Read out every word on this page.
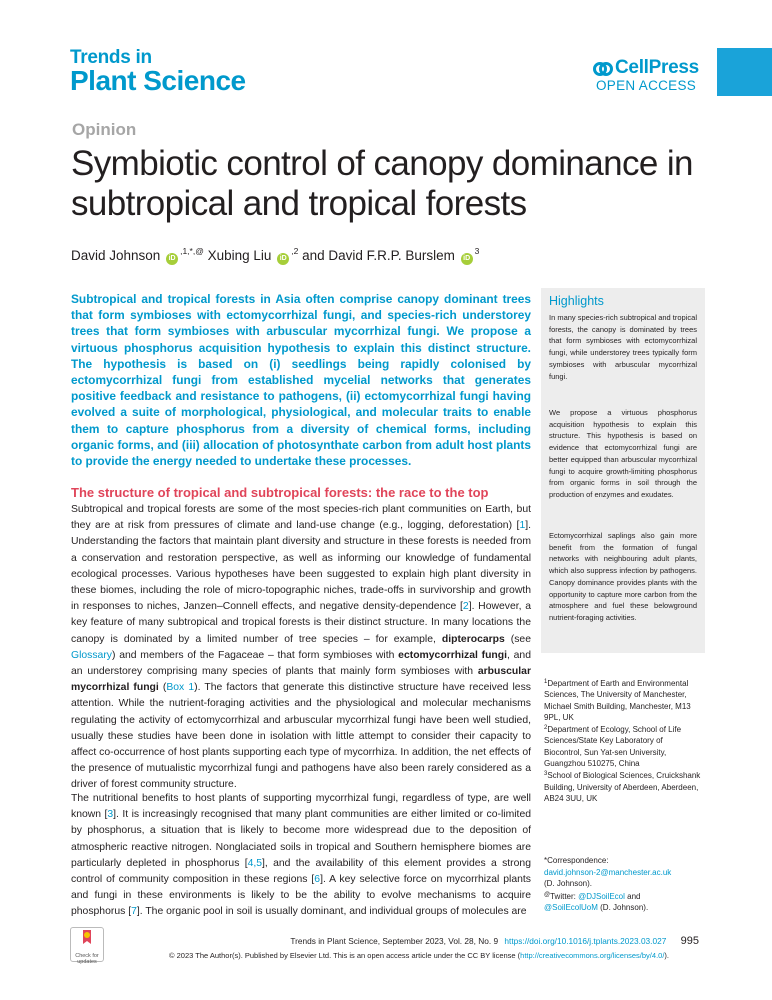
Trends in
Plant Science	CellPress
OPEN ACCESS
Opinion
Symbiotic control of canopy dominance in subtropical and tropical forests
David Johnson $iD^{,1,*,@}$ Xubing Liu $iD^{,2}$ and David F.R.P. Burslem $iD^3$

Subtropical and tropical forests in Asia often comprise canopy dominant trees that form symbioses with ectomycorrhizal fungi, and species-rich understorey trees that form symbioses with arbuscular mycorrhizal fungi. We propose a virtuous phosphorus acquisition hypothesis to explain this distinct structure. The hypothesis is based on (i) seedlings being rapidly colonised by ectomycorrhizal fungi from established mycelial networks that generates positive feedback and resistance to pathogens, (ii) ectomycorrhizal fungi having evolved a suite of morphological, physiological, and molecular traits to enable them to capture phosphorus from a diversity of chemical forms, including organic forms, and (iii) allocation of photosynthate carbon from adult host plants to provide the energy needed to undertake these processes.

Highlights

In many species-rich subtropical and tropical forests, the canopy is dominated by trees that form symbioses with ectomycorrhizal fungi, while understorey trees typically form symbioses with arbuscular mycorrhizal fungi.

We propose a virtuous phosphorus acquisition hypothesis to explain this structure. This hypothesis is based on evidence that ectomycorrhizal fungi are better equipped than arbuscular mycorrhizal fungi to acquire growth-limiting phosphorus from organic forms in soil through the production of enzymes and exudates.

Ectomycorrhizal saplings also gain more benefit from the formation of fungal networks with neighbouring adult plants, which also suppress infection by pathogens. Canopy dominance provides plants with the opportunity to capture more carbon from the atmosphere and fuel these belowground nutrient-foraging activities.

The structure of tropical and subtropical forests: the race to the top

Subtropical and tropical forests are some of the most species-rich plant communities on Earth, but they are at risk from pressures of climate and land-use change (e.g., logging, deforestation) [1]. Understanding the factors that maintain plant diversity and structure in these forests is needed from a conservation and restoration perspective, as well as informing our knowledge of fundamental ecological processes. Various hypotheses have been suggested to explain high plant diversity in these biomes, including the role of micro-topographic niches, trade-offs in survivorship and growth in responses to niches, Janzen–Connell effects, and negative density-dependence [2]. However, a key feature of many subtropical and tropical forests is their distinct structure. In many locations the canopy is dominated by a limited number of tree species – for example, dipterocarps (see Glossary) and members of the Fagaceae – that form symbioses with ectomycorrhizal fungi, and an understorey comprising many species of plants that mainly form symbioses with arbuscular mycorrhizal fungi (Box 1). The factors that generate this distinctive structure have received less attention. While the nutrient-foraging activities and the physiological and molecular mechanisms regulating the activity of ectomycorrhizal and arbuscular mycorrhizal fungi have been well studied, usually these studies have been done in isolation with little attempt to consider their capacity to affect co-occurrence of host plants supporting each type of mycorrhiza. In addition, the net effects of the presence of mutualistic mycorrhizal fungi and pathogens have also been rarely considered as a driver of forest community structure.

The nutritional benefits to host plants of supporting mycorrhizal fungi, regardless of type, are well known [3]. It is increasingly recognised that many plant communities are either limited or co-limited by phosphorus, a situation that is likely to become more widespread due to the deposition of atmospheric reactive nitrogen. Nonglaciated soils in tropical and Southern hemisphere biomes are particularly depleted in phosphorus [4,5], and the availability of this element provides a strong control of community composition in these regions [6]. A key selective force on mycorrhizal plants and fungi in these environments is likely to be the ability to evolve mechanisms to acquire phosphorus [7]. The organic pool in soil is usually dominant, and individual groups of molecules are

$^1$Department of Earth and Environmental Sciences, The University of Manchester, Michael Smith Building, Manchester, M13 9PL, UK
$^2$Department of Ecology, School of Life Sciences/State Key Laboratory of Biocontrol, Sun Yat-sen University, Guangzhou 510275, China
$^3$School of Biological Sciences, Cruickshank Building, University of Aberdeen, Aberdeen, AB24 3UU, UK
*Correspondence:
david.johnson-2@manchester.ac.uk
(D. Johnson).
@Twitter: @DJSoilEcol and
@SoilEcolUoM (D. Johnson).
Check for
updates
Trends in Plant Science, September 2023, Vol. 28, No. 9 https://doi.org/10.1016/j.tplants.2023.03.027 995
© 2023 The Author(s). Published by Elsevier Ltd. This is an open access article under the CC BY license (http://creativecommons.org/licenses/by/4.0/).
